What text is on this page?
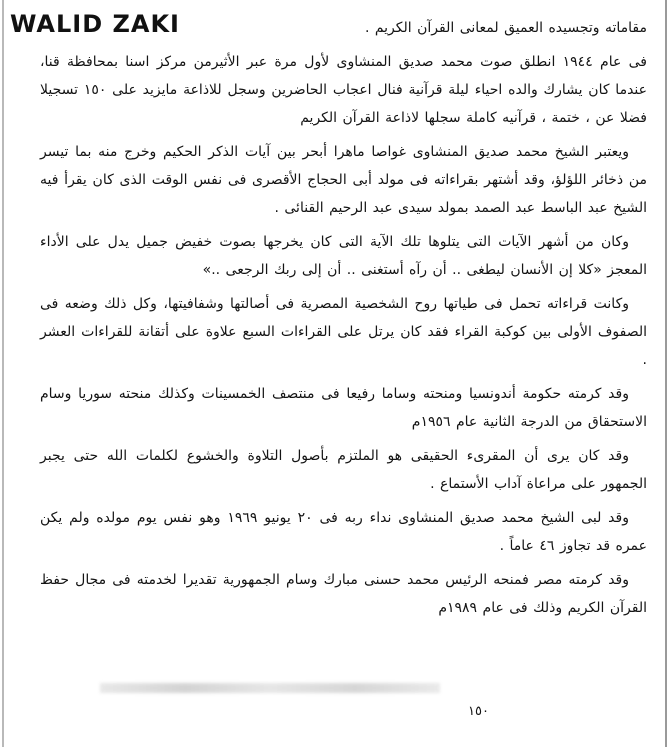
WALID ZAKI	مقاماته وتجسيده العميق لمعانى القرآن الكريم .

فى عام ١٩٤٤ انطلق صوت محمد صديق المنشاوى لأول مرة عبر الأثيرمن مركز اسنا بمحافظة قنا، عندما كان يشارك والده احياء ليلة قرآنية فنال اعجاب الحاضرين وسجل للاذاعة مايزيد على ١٥٠ تسجيلا فضلا عن ، ختمة ، قرآنيه كاملة سجلها لاذاعة القرآن الكريم

ويعتبر الشيخ محمد صديق المنشاوى غواصا ماهرا أبحر بين آيات الذكر الحكيم وخرج منه بما تيسر من ذخائر اللؤلؤ، وقد أشتهر بقراءاته فى مولد أبى الحجاج الأقصرى فى نفس الوقت الذى كان يقرأ فيه الشيخ عبد الباسط عبد الصمد بمولد سيدى عبد الرحيم القنائى .

وكان من أشهر الآيات التى يتلوها تلك الآية التى كان يخرجها بصوت خفيض جميل يدل على الأداء المعجز «كلا إن الأنسان ليطغى .. أن رآه أستغنى .. أن إلى ربك الرجعى ..»

وكانت قراءاته تحمل فى طياتها روح الشخصية المصرية فى أصالتها وشفافيتها، وكل ذلك وضعه فى الصفوف الأولى بين كوكبة القراء فقد كان يرتل على القراءات السبع علاوة على أتقانة للقراءات العشر .

وقد كرمته حكومة أندونسيا ومنحته وساما رفيعا فى منتصف الخمسينات وكذلك منحته سوريا وسام الاستحقاق من الدرجة الثانية عام ١٩٥٦م

وقد كان يرى أن المقرىء الحقيقى هو الملتزم بأصول التلاوة والخشوع لكلمات الله حتى يجبر الجمهور على مراعاة آداب الأستماع .

وقد لبى الشيخ محمد صديق المنشاوى نداء ربه فى ٢٠ يونيو ١٩٦٩ وهو نفس يوم مولده ولم يكن عمره قد تجاوز ٤٦ عاماً .

وقد كرمته مصر فمنحه الرئيس محمد حسنى مبارك وسام الجمهورية تقديرا لخدمته فى مجال حفظ القرآن الكريم وذلك فى عام ١٩٨٩م

١٥٠
